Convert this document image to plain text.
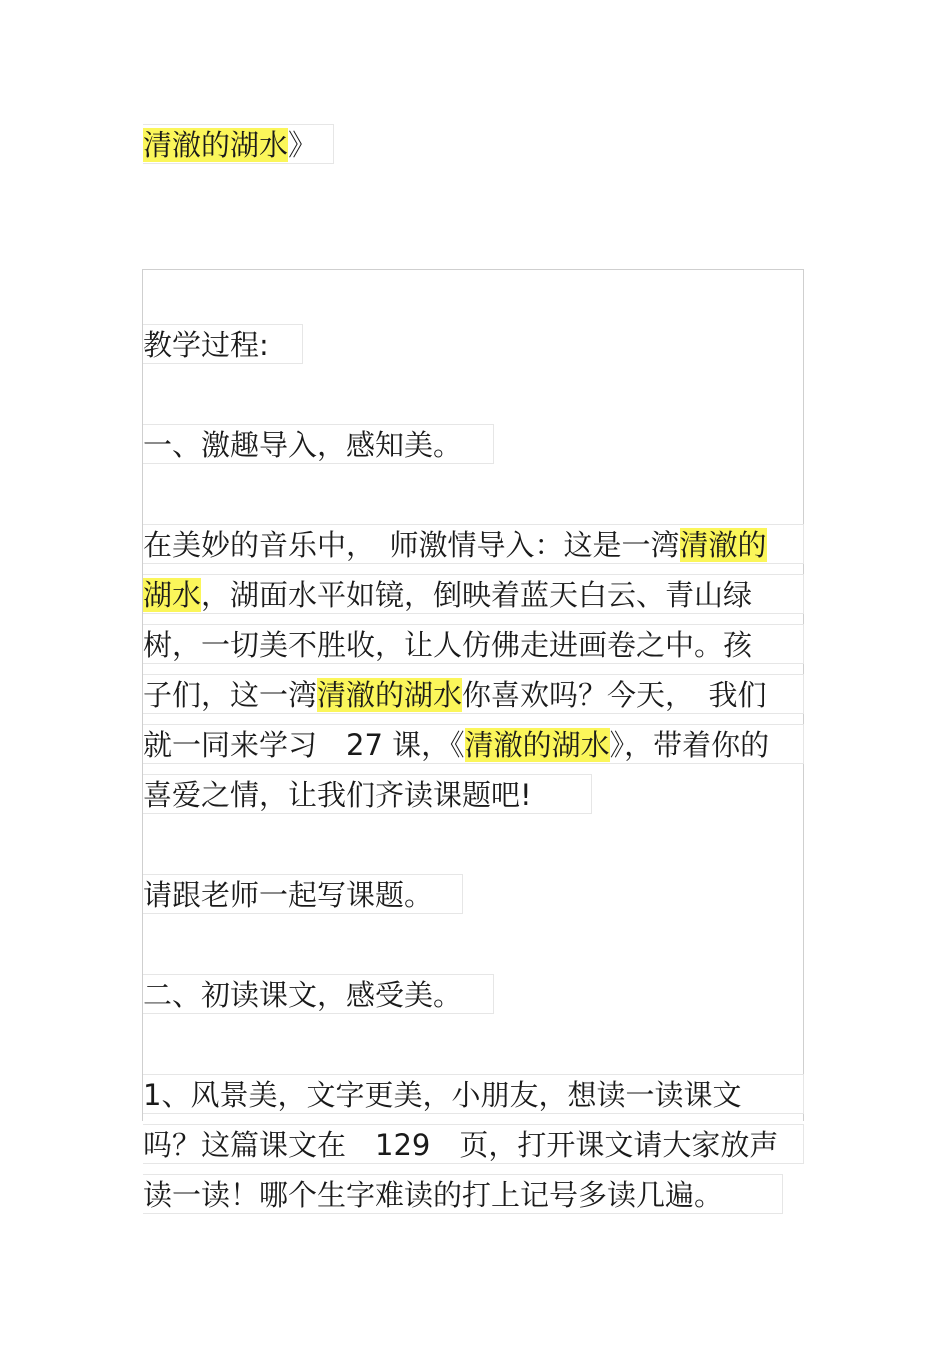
清澈的湖水》
教学过程:
一、激趣导入，感知美。
在美妙的音乐中，　师激情导入：这是一湾清澈的
湖水，湖面水平如镜，倒映着蓝天白云、青山绿
树，一切美不胜收，让人仿佛走进画卷之中。孩
子们，这一湾清澈的湖水你喜欢吗？今天，　我们
就一同来学习　27 课，《清澈的湖水》，带着你的
喜爱之情，让我们齐读课题吧!
请跟老师一起写课题。
二、初读课文，感受美。
1、风景美，文字更美，小朋友，想读一读课文
吗？这篇课文在　129　页，打开课文请大家放声
读一读！哪个生字难读的打上记号多读几遍。
